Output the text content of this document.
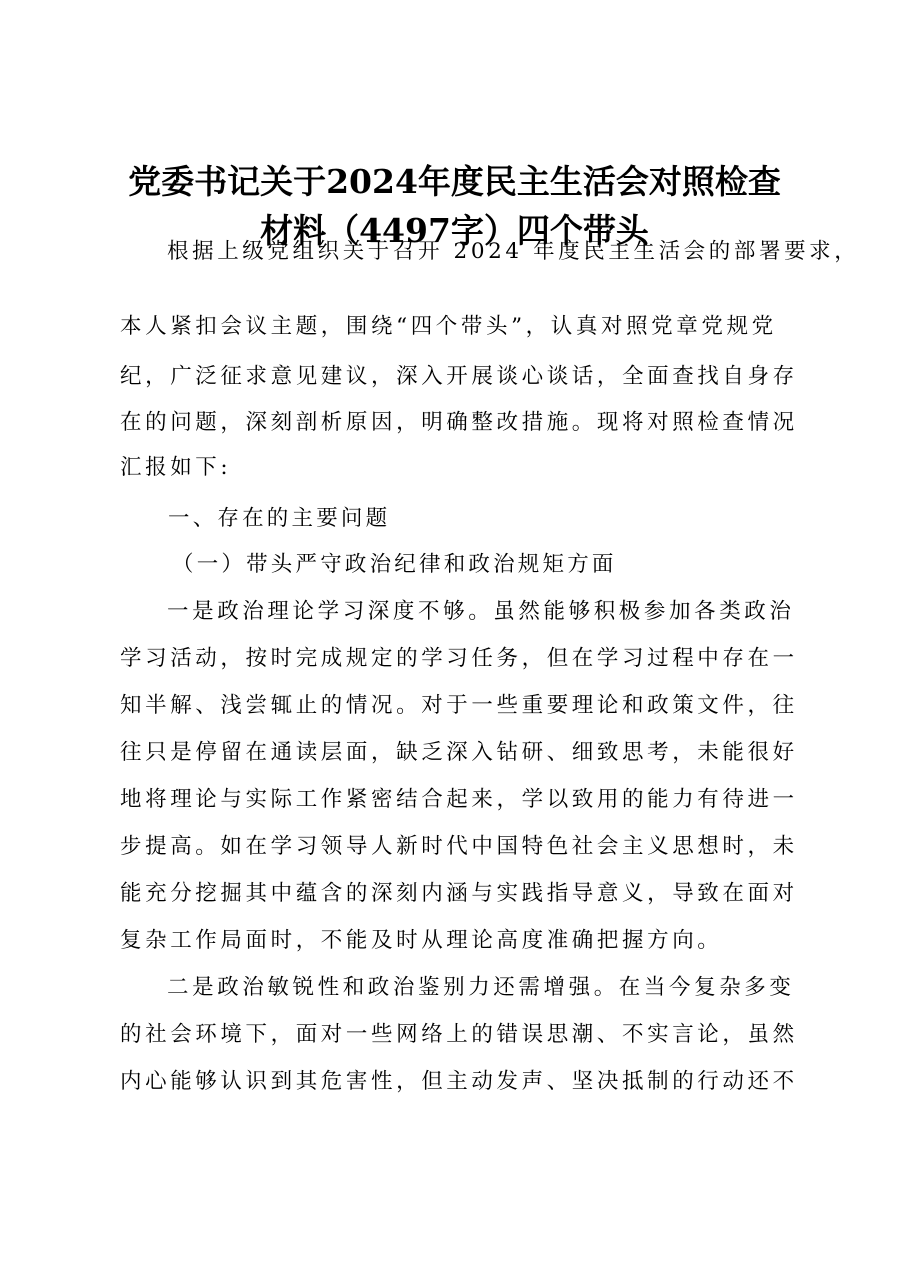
党委书记关于2024年度民主生活会对照检查
材料（4497字）四个带头
根据上级党组织关于召开 2024 年度民主生活会的部署要求，
本人紧扣会议主题，围绕“四个带头”，认真对照党章党规党
纪，广泛征求意见建议，深入开展谈心谈话，全面查找自身存
在的问题，深刻剖析原因，明确整改措施。现将对照检查情况
汇报如下:
一、存在的主要问题
（一）带头严守政治纪律和政治规矩方面
一是政治理论学习深度不够。虽然能够积极参加各类政治
学习活动，按时完成规定的学习任务，但在学习过程中存在一
知半解、浅尝辄止的情况。对于一些重要理论和政策文件，往
往只是停留在通读层面，缺乏深入钻研、细致思考，未能很好
地将理论与实际工作紧密结合起来，学以致用的能力有待进一
步提高。如在学习领导人新时代中国特色社会主义思想时，未
能充分挖掘其中蕴含的深刻内涵与实践指导意义，导致在面对
复杂工作局面时，不能及时从理论高度准确把握方向。
二是政治敏锐性和政治鉴别力还需增强。在当今复杂多变
的社会环境下，面对一些网络上的错误思潮、不实言论，虽然
内心能够认识到其危害性，但主动发声、坚决抵制的行动还不
